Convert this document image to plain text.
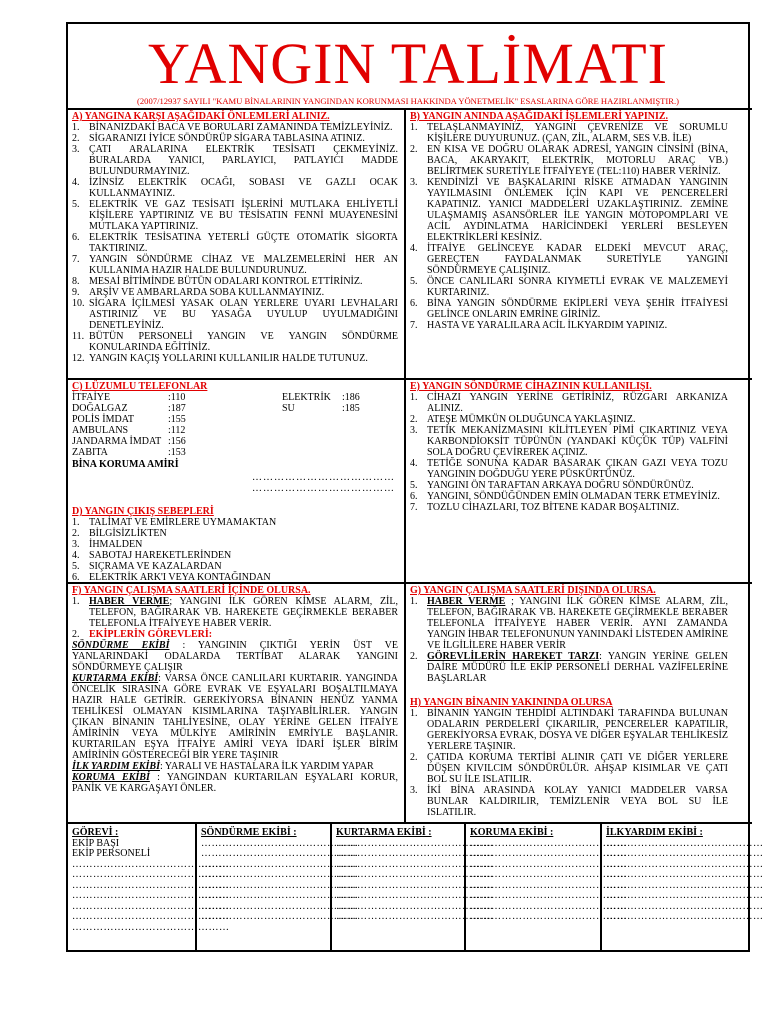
YANGIN TALİMATI
(2007/12937 SAYILI "KAMU BİNALARININ YANGINDAN KORUNMASI HAKKINDA YÖNETMELİK" ESASLARINA GÖRE HAZIRLANMIŞTIR.)
A) YANGINA KARŞI AŞAĞIDAKİ ÖNLEMLERİ ALINIZ.
1. BİNANIZDAKİ BACA VE BORULARI ZAMANINDA TEMİZLEYİNİZ.
2. SİGARANIZI İYİCE SÖNDÜRÜP SİGARA TABLASINA ATINIZ.
3. ÇATI ARALARINA ELEKTRİK TESİSATI ÇEKMEYİNİZ. BURALARDA YANICI, PARLAYICI, PATLAYICI MADDE BULUNDURMAYINIZ.
4. İZİNSİZ ELEKTRİK OCAĞI, SOBASI VE GAZLI OCAK KULLANMAYINIZ.
5. ELEKTRİK VE GAZ TESİSATI İŞLERİNİ MUTLAKA EHLİYETLİ KİŞİLERE YAPTIRINIZ VE BU TESİSATIN FENNİ MUAYENESİNİ MUTLAKA YAPTIRINIZ.
6. ELEKTRİK TESİSATINA YETERLİ GÜÇTE OTOMATİK SİGORTA TAKTIRINIZ.
7. YANGIN SÖNDÜRME CİHAZ VE MALZEMELERİNİ HER AN KULLANIMA HAZIR HALDE BULUNDURUNUZ.
8. MESAİ BİTİMİNDE BÜTÜN ODALARI KONTROL ETTİRİNİZ.
9. ARŞİV VE AMBARLARDA SOBA KULLANMAYINIZ.
10. SİGARA İÇİLMESİ YASAK OLAN YERLERE UYARI LEVHALARI ASTIRINIZ VE BU YASAĞA UYULUP UYULMADIĞINI DENETLEYİNİZ.
11. BÜTÜN PERSONELİ YANGIN VE YANGIN SÖNDÜRME KONULARINDA EĞİTİNİZ.
12. YANGIN KAÇIŞ YOLLARINI KULLANILIR HALDE TUTUNUZ.
B) YANGIN ANINDA AŞAĞIDAKİ İŞLEMLERİ YAPINIZ.
1. TELAŞLANMAYINIZ, YANGINI ÇEVRENİZE VE SORUMLU KİŞİLERE DUYURUNUZ. (ÇAN, ZİL, ALARM, SES V.B. İLE)
2. EN KISA VE DOĞRU OLARAK ADRESİ, YANGIN CİNSİNİ (BİNA, BACA, AKARYAKIT, ELEKTRİK, MOTORLU ARAÇ VB.) BELİRTMEK SURETİYLE İTFAİYEYE (TEL:110) HABER VERİNİZ.
3. KENDİNİZİ VE BAŞKALARINI RİSKE ATMADAN YANGININ YAYILMASINI ÖNLEMEK İÇİN KAPI VE PENCERELERİ KAPATINIZ. YANICI MADDELERİ UZAKLAŞTIRINIZ. ZEMİNE ULAŞMAMIŞ ASANSÖRLER İLE YANGIN MOTOPOMPLARI VE ACİL AYDINLATMA HARİCİNDEKİ YERLERİ BESLEYEN ELEKTRİKLERİ KESİNİZ.
4. İTFAİYE GELİNCEYE KADAR ELDEKİ MEVCUT ARAÇ, GEREÇTEN FAYDALANMAK SURETİYLE YANGINI SÖNDÜRMEYE ÇALIŞINIZ.
5. ÖNCE CANLILARI SONRA KIYMETLİ EVRAK VE MALZEMEYİ KURTARINIZ.
6. BİNA YANGIN SÖNDÜRME EKİPLERİ VEYA ŞEHİR İTFAİYESİ GELİNCE ONLARIN EMRİNE GİRİNİZ.
7. HASTA VE YARALILARA ACİL İLKYARDIM YAPINIZ.
C) LÜZUMLU TELEFONLAR
İTFAİYE	:110
DOĞALGAZ	:187
POLİS İMDAT	:155
AMBULANS	:112
JANDARMA İMDAT :156
ZABITA	:153
ELEKTRİK	:186
SU	:185
BİNA KORUMA AMİRİ
…………………………………
…………………………………
D) YANGIN ÇIKIŞ SEBEPLERİ
1. TALİMAT VE EMİRLERE UYMAMAKTAN
2. BİLGİSİZLİKTEN
3. İHMALDEN
4. SABOTAJ HAREKETLERİNDEN
5. SIÇRAMA VE KAZALARDAN
6. ELEKTRİK ARK'I VEYA KONTAĞINDAN
E) YANGIN SÖNDÜRME CİHAZININ KULLANILIŞI.
1. CİHAZI YANGIN YERİNE GETİRİNİZ, RÜZGARI ARKANIZA ALINIZ.
2. ATEŞE MÜMKÜN OLDUĞUNCA YAKLAŞINIZ.
3. TETİK MEKANİZMASINI KİLİTLEYEN PİMİ ÇIKARTINIZ VEYA KARBONDİOKSİT TÜPÜNÜN (YANDAKİ KÜÇÜK TÜP) VALFİNİ SOLA DOĞRU ÇEVİREREK AÇINIZ.
4. TETİĞE SONUNA KADAR BASARAK ÇIKAN GAZI VEYA TOZU YANGININ DOĞDUĞU YERE PÜSKÜRTÜNÜZ.
5. YANGINI ÖN TARAFTAN ARKAYA DOĞRU SÖNDÜRÜNÜZ.
6. YANGINI, SÖNDÜĞÜNDEN EMİN OLMADAN TERK ETMEYİNİZ.
7. TOZLU CİHAZLARI, TOZ BİTENE KADAR BOŞALTINIZ.
F) YANGIN ÇALIŞMA SAATLERİ İÇİNDE OLURSA.
1. HABER VERME; YANGINI İLK GÖREN KİMSE ALARM, ZİL, TELEFON, BAĞIRARAK VB. HAREKETE GEÇİRMEKLE BERABER TELEFONLA İTFAİYEYE HABER VERİR.
2. EKİPLERİN GÖREVLERİ:
SÖNDÜRME EKİBİ : YANGININ ÇIKTIĞI YERİN ÜST VE YANLARINDAKİ ODALARDA TERTİBAT ALARAK YANGINI SÖNDÜRMEYE ÇALIŞIR
KURTARMA EKİBİ: VARSA ÖNCE CANLILARI KURTARIR. YANGINDA ÖNCELİK SIRASINA GÖRE EVRAK VE EŞYALARI BOŞALTILMAYA HAZIR HALE GETİRİR. GEREKİYORSA BİNANIN HENÜZ YANMA TEHLİKESİ OLMAYAN KISIMLARINA TAŞIYABİLİRLER. YANGIN ÇIKAN BİNANIN TAHLİYESİNE, OLAY YERİNE GELEN İTFAİYE AMİRİNİN VEYA MÜLKİYE AMİRİNİN EMRİYLE BAŞLANIR. KURTARILAN EŞYA İTFAİYE AMİRİ VEYA İDARİ İŞLER BİRİM AMİRİNİN GÖSTERECEĞİ BİR YERE TAŞINIR
İLK YARDIM EKİBİ: YARALI VE HASTALARA İLK YARDIM YAPAR
KORUMA EKİBİ : YANGINDAN KURTARILAN EŞYALARI KORUR, PANİK VE KARGAŞAYI ÖNLER.
G) YANGIN ÇALIŞMA SAATLERİ DIŞINDA OLURSA.
1. HABER VERME ; YANGINI İLK GÖREN KİMSE ALARM, ZİL, TELEFON, BAĞIRARAK VB. HAREKETE GEÇİRMEKLE BERABER TELEFONLA İTFAİYEYE HABER VERİR. AYNI ZAMANDA YANGIN İHBAR TELEFONUNUN YANINDAKİ LİSTEDEN AMİRİNE VE İLGİLİLERE HABER VERİR
2. GÖREVLİLERİN HAREKET TARZI: YANGIN YERİNE GELEN DAİRE MÜDÜRÜ İLE EKİP PERSONELİ DERHAL VAZİFELERİNE BAŞLARLAR
H) YANGIN BİNANIN YAKININDA OLURSA
1. BİNANIN YANGIN TEHDİDİ ALTINDAKİ TARAFINDA BULUNAN ODALARIN PERDELERİ ÇIKARILIR, PENCERELER KAPATILIR, GEREKİYORSA EVRAK, DOSYA VE DİĞER EŞYALAR TEHLİKESİZ YERLERE TAŞINIR.
2. ÇATIDA KORUMA TERTİBİ ALINIR ÇATI VE DİĞER YERLERE DÜŞEN KIVILCIM SÖNDÜRÜLÜR. AHŞAP KISIMLAR VE ÇATI BOL SU İLE ISLATILIR.
3. İKİ BİNA ARASINDA KOLAY YANICI MADDELER VARSA BUNLAR KALDIRILIR, TEMİZLENİR VEYA BOL SU İLE ISLATILIR.
GÖREVİ :
EKİP BAŞI
EKİP PERSONELİ
………………………………………
………………………………………
………………………………………
………………………………………
………………………………………
………………………………………
………………………………………
SÖNDÜRME EKİBİ :
………………………………………
………………………………………
………………………………………
………………………………………
………………………………………
………………………………………
………………………………………
………………………………………
KURTARMA EKİBİ :
………………………………………
………………………………………
………………………………………
………………………………………
………………………………………
………………………………………
………………………………………
………………………………………
KORUMA EKİBİ :
………………………………………
………………………………………
………………………………………
………………………………………
………………………………………
………………………………………
………………………………………
………………………………………
İLKYARDIM EKİBİ :
………………………………………
………………………………………
………………………………………
………………………………………
………………………………………
………………………………………
………………………………………
………………………………………
